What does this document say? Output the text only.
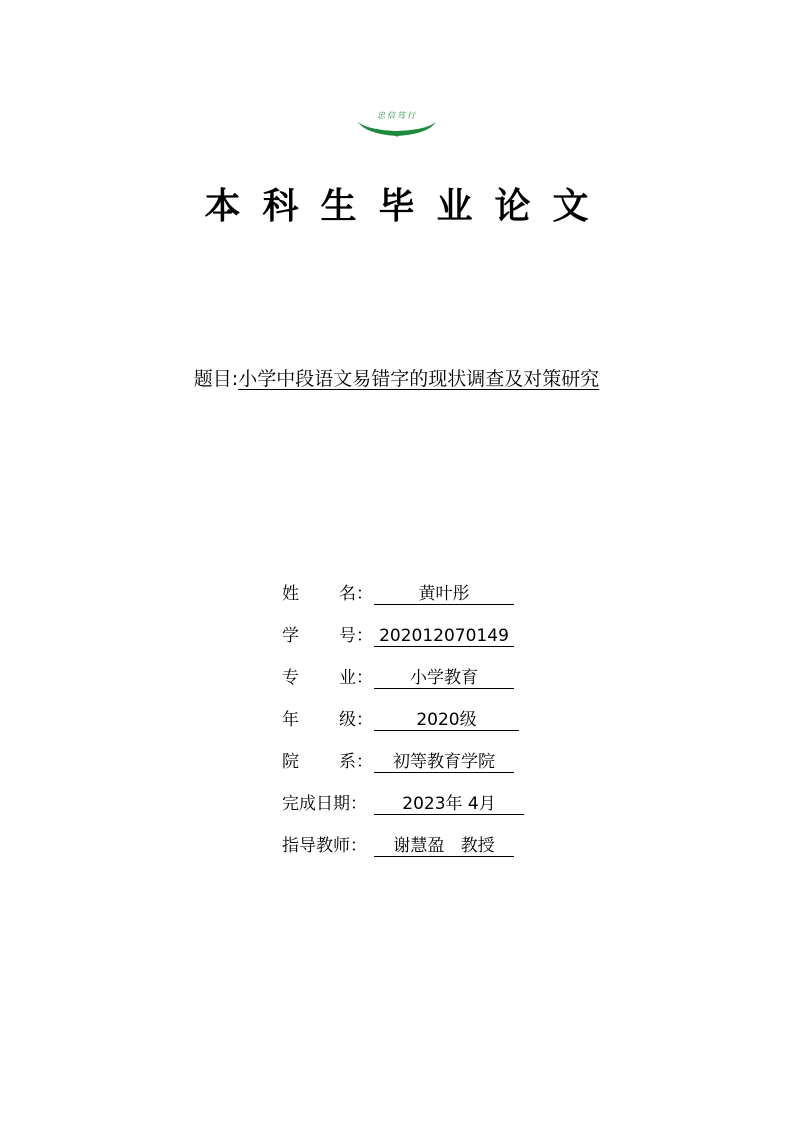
忠信笃行
本科生毕业论文
题目:小学中段语文易错字的现状调查及对策研究
姓 名 ：	黄叶彤
学 号 ： 202012070149
专 业 ：	小学教育
年 级 ：	2020级
院 系 ：	初等教育学院
完成日期：	2023年 4月
指导教师：	谢慧盈   教授
